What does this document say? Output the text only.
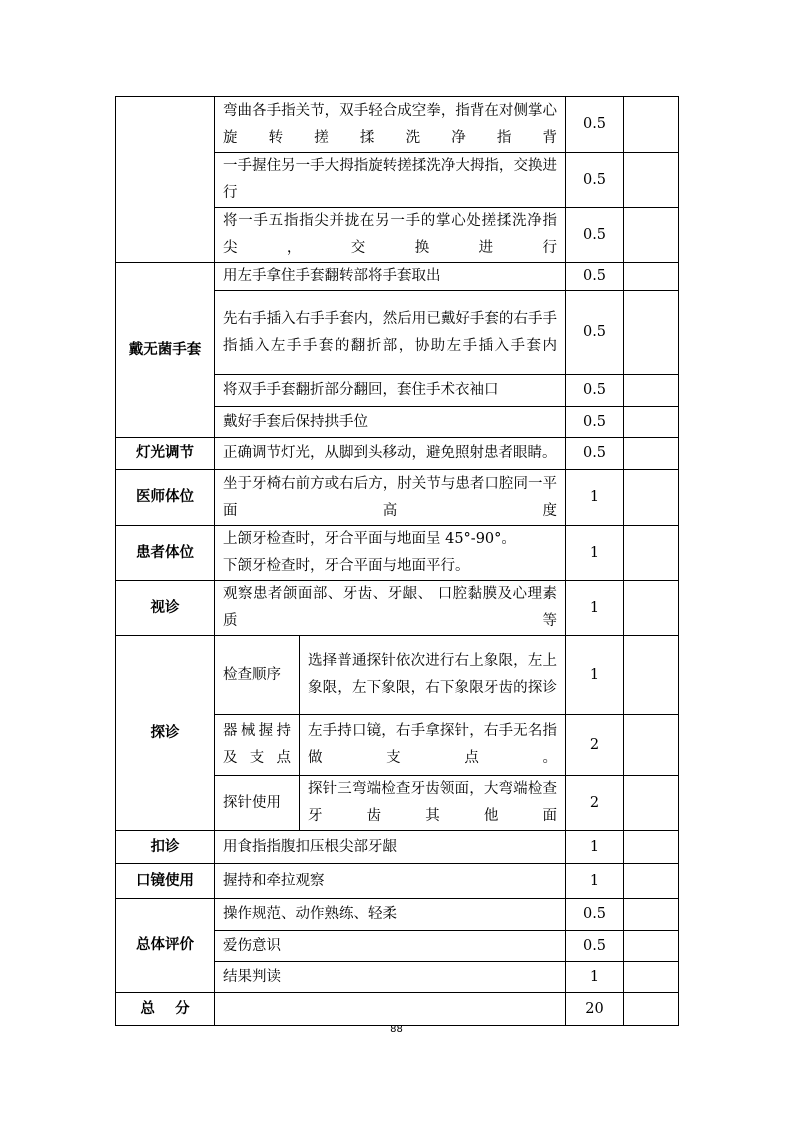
	弯曲各手指关节，双手轻合成空拳，指背在对侧掌心旋转搓揉洗净指背		0.5	
	一手握住另一手大拇指旋转搓揉洗净大拇指，交换进行		0.5	
	将一手五指指尖并拢在另一手的掌心处搓揉洗净指尖，交换进行		0.5	
戴无菌手套	用左手拿住手套翻转部将手套取出		0.5	
	先右手插入右手手套内，然后用已戴好手套的右手手指插入左手手套的翻折部，协助左手插入手套内		0.5	
	将双手手套翻折部分翻回，套住手术衣袖口		0.5	
	戴好手套后保持拱手位		0.5	
灯光调节	正确调节灯光，从脚到头移动，避免照射患者眼睛。		0.5	
医师体位	坐于牙椅右前方或右后方，肘关节与患者口腔同一平面高度		1	
患者体位	上颌牙检查时，牙合平面与地面呈 45°-90°。
下颌牙检查时，牙合平面与地面平行。		1	
视诊	观察患者颌面部、牙齿、牙龈、 口腔黏膜及心理素质等		1	
探诊	检查顺序	选择普通探针依次进行右上象限，左上象限，左下象限，右下象限牙齿的探诊	1	
	器械握持及支点	左手持口镜，右手拿探针，右手无名指做支点。	2	
	探针使用	探针三弯端检查牙齿领面，大弯端检查牙齿其他面	2	
扣诊	用食指指腹扣压根尖部牙龈		1	
口镜使用	握持和牵拉观察		1	
总体评价	操作规范、动作熟练、轻柔		0.5	
	爱伤意识		0.5	
	结果判读		1	
总    分			20	
88
